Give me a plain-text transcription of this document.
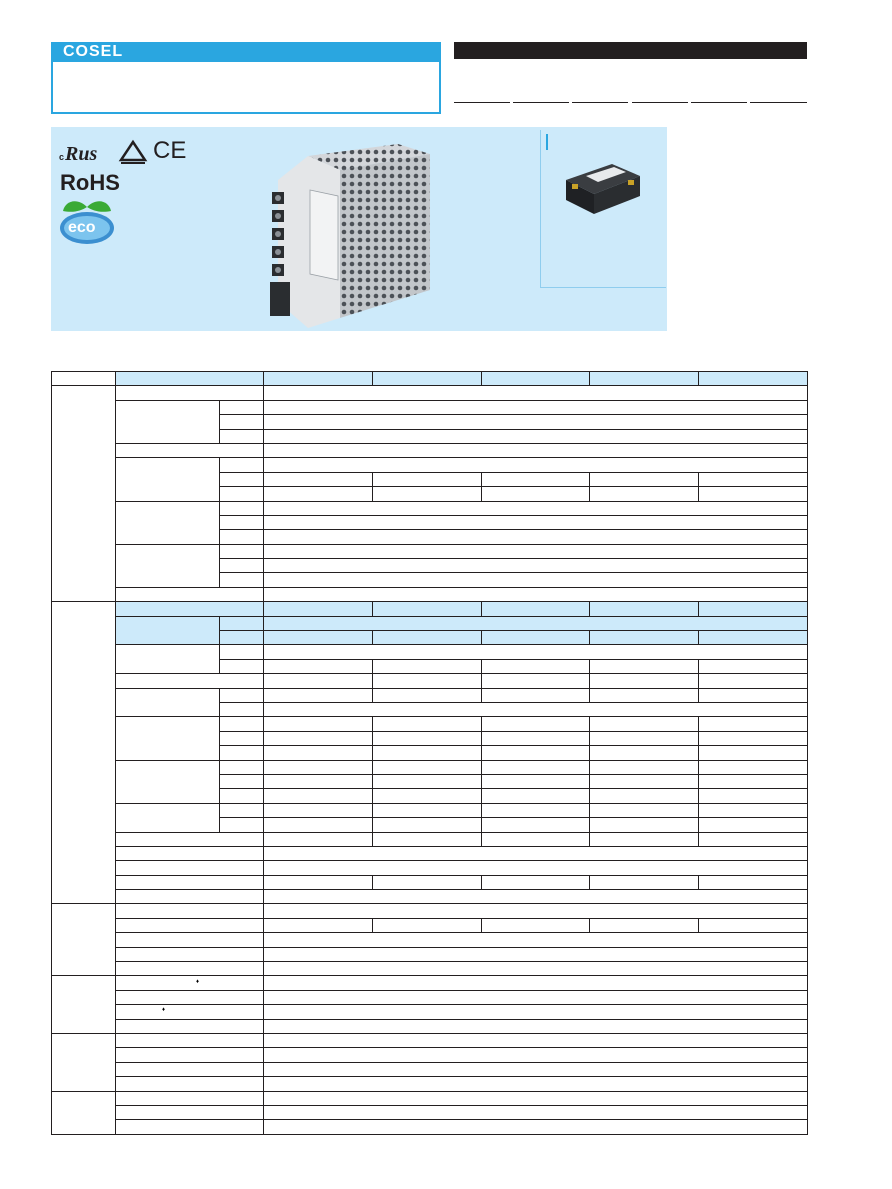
COSEL
c Rus CE
RoHS
eco

	♦	

	♦	
